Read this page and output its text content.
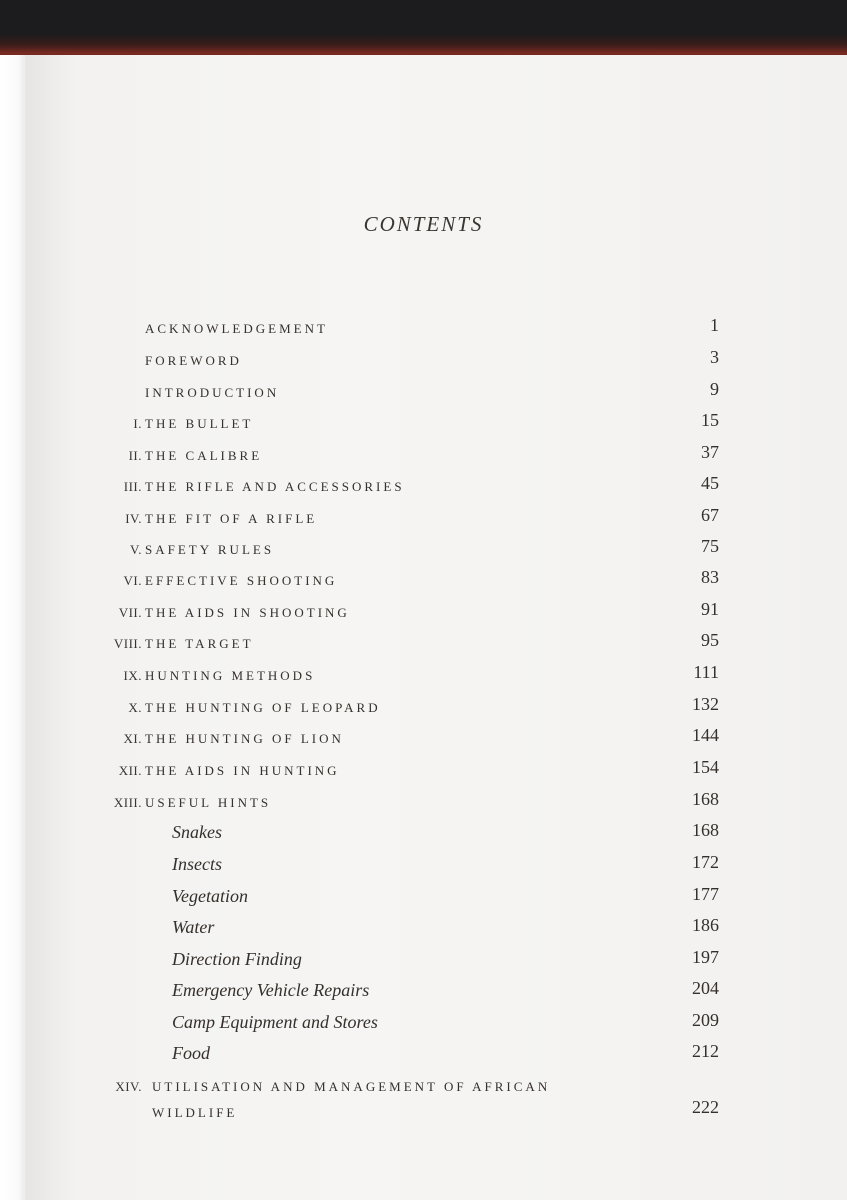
CONTENTS
ACKNOWLEDGEMENT	1
FOREWORD	3
INTRODUCTION	9
I. THE BULLET	15
II. THE CALIBRE	37
III. THE RIFLE AND ACCESSORIES	45
IV. THE FIT OF A RIFLE	67
V. SAFETY RULES	75
VI. EFFECTIVE SHOOTING	83
VII. THE AIDS IN SHOOTING	91
VIII. THE TARGET	95
IX. HUNTING METHODS	111
X. THE HUNTING OF LEOPARD	132
XI. THE HUNTING OF LION	144
XII. THE AIDS IN HUNTING	154
XIII. USEFUL HINTS	168
Snakes	168
Insects	172
Vegetation	177
Water	186
Direction Finding	197
Emergency Vehicle Repairs	204
Camp Equipment and Stores	209
Food	212
XIV. UTILISATION AND MANAGEMENT OF AFRICAN
WILDLIFE	222
